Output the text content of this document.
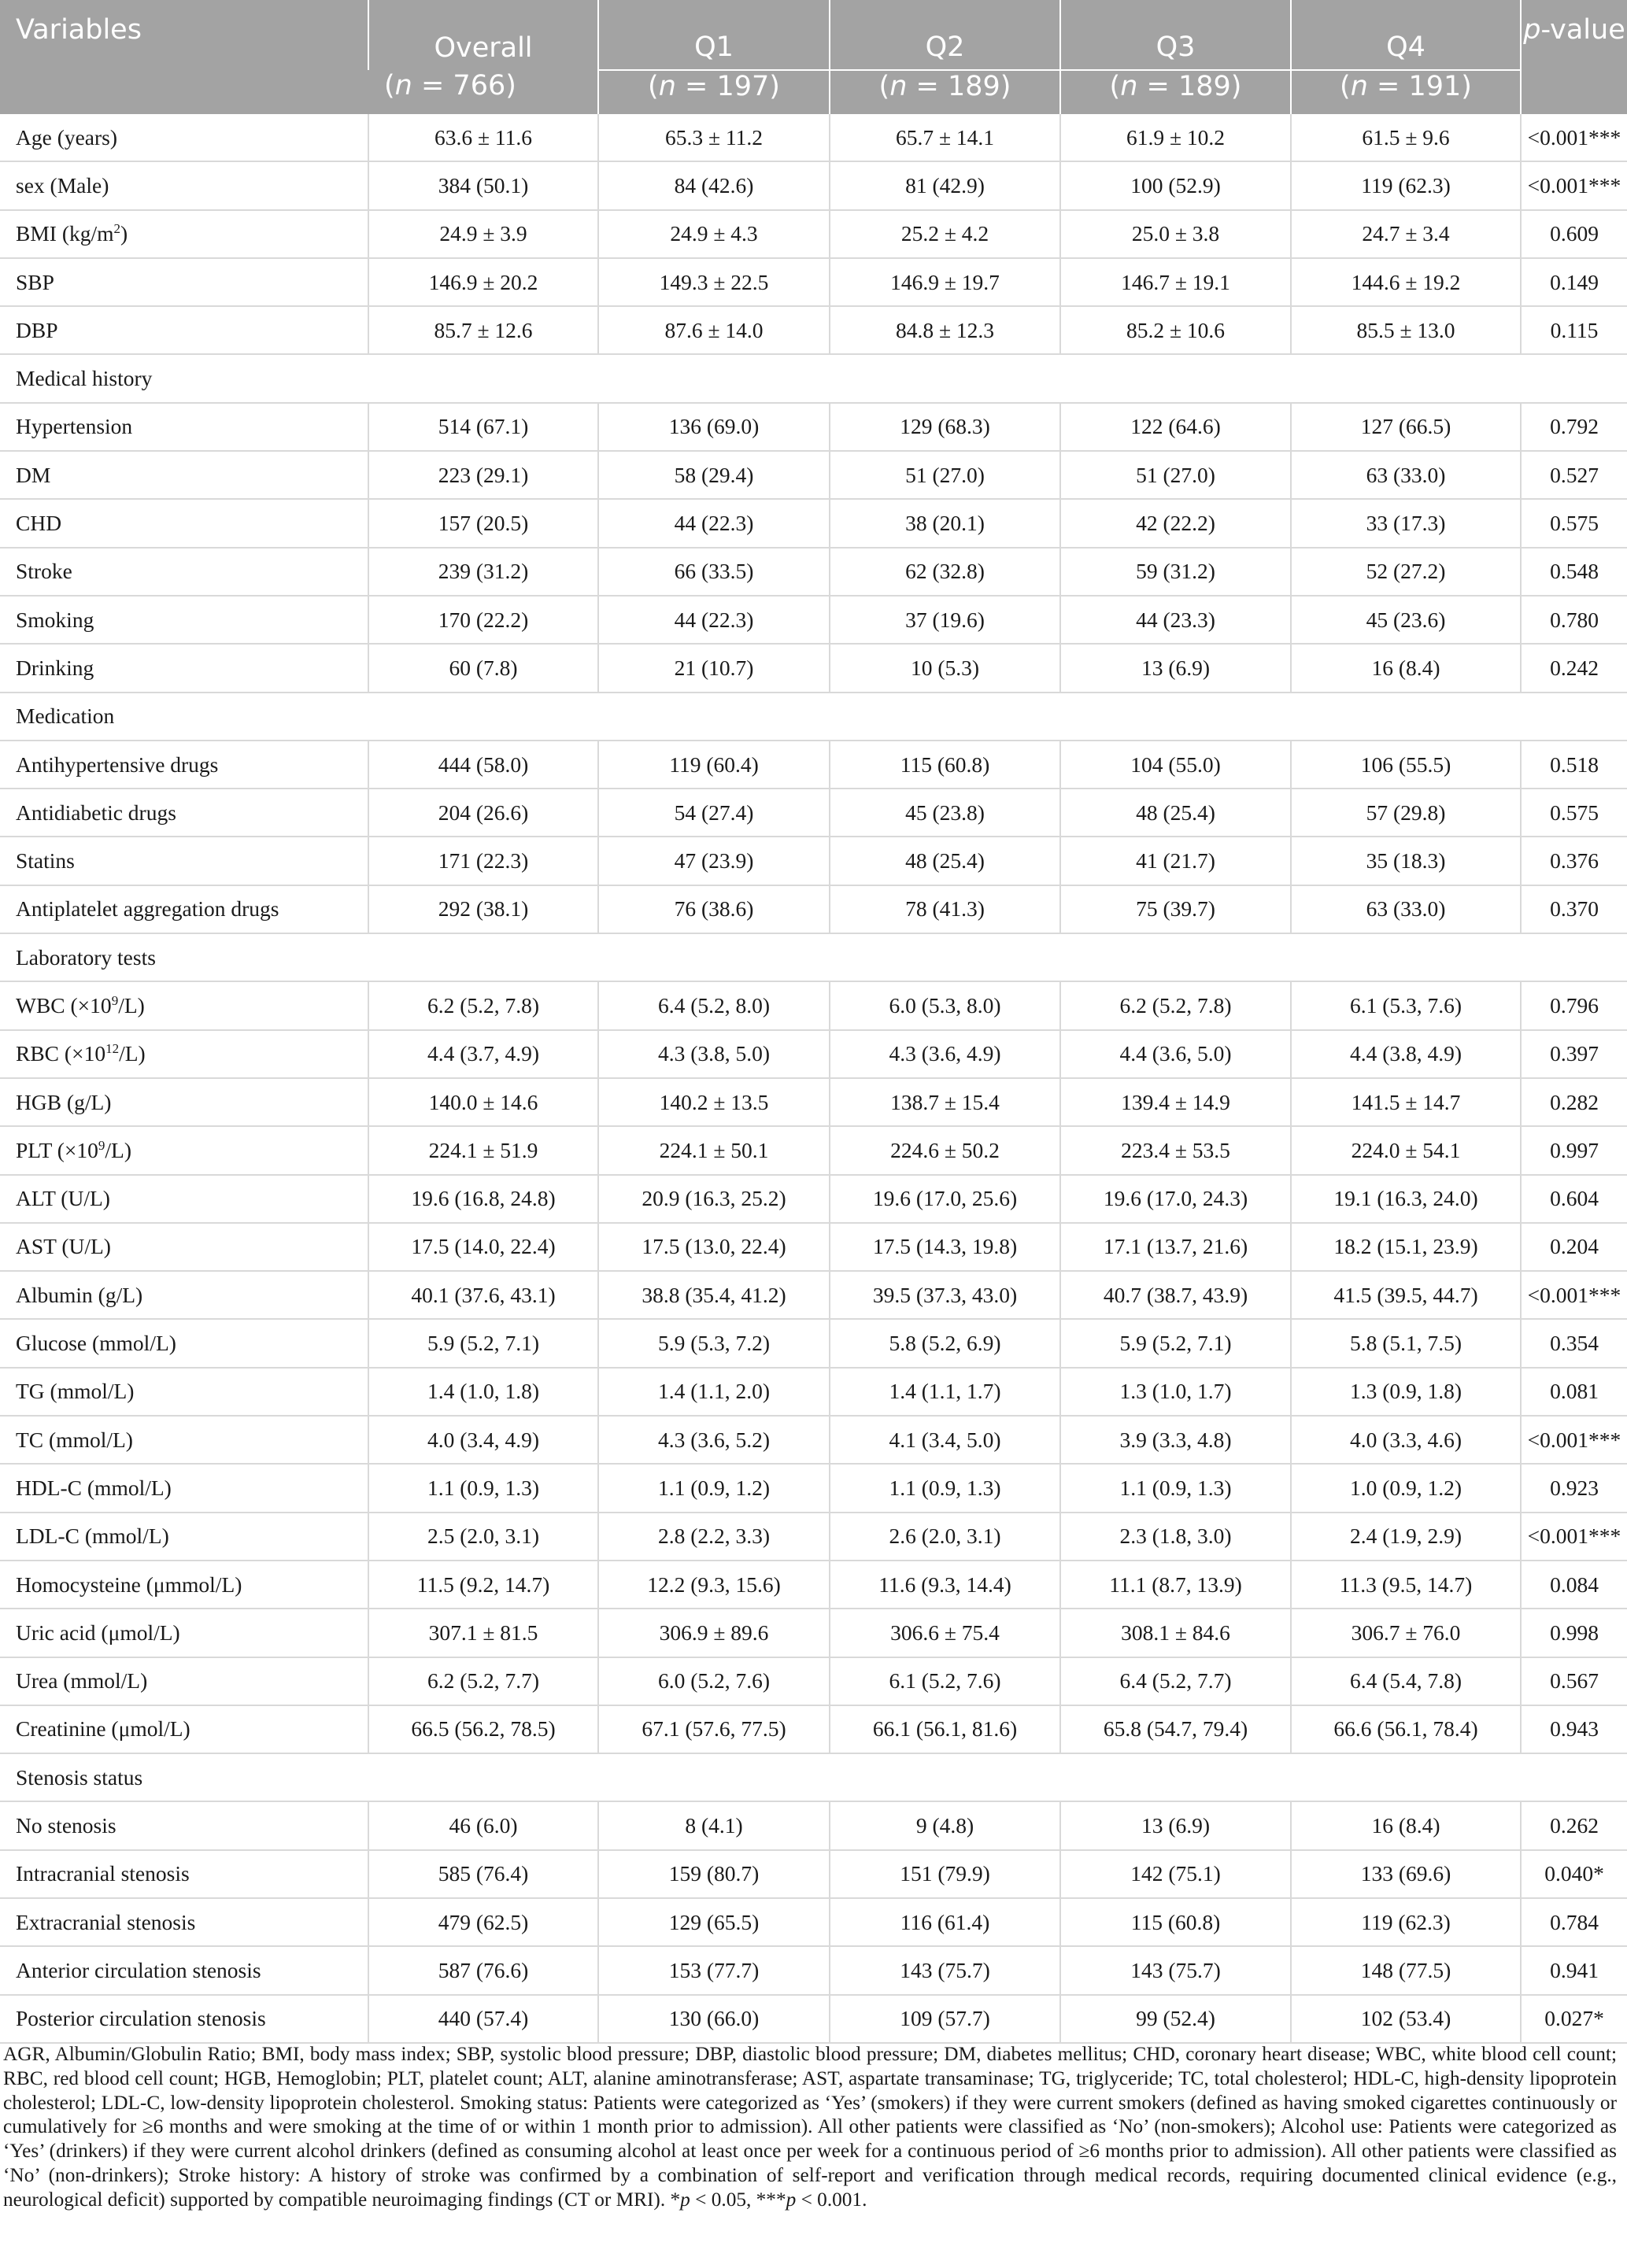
Variables	Overall	Q1	Q2	Q3	Q4	p-value
	(n = 766)	(n = 197)	(n = 189)	(n = 189)	(n = 191)	
Age (years)	63.6 ± 11.6	65.3 ± 11.2	65.7 ± 14.1	61.9 ± 10.2	61.5 ± 9.6	<0.001***
sex (Male)	384 (50.1)	84 (42.6)	81 (42.9)	100 (52.9)	119 (62.3)	<0.001***
BMI $(kg/m^2)$	24.9 ± 3.9	24.9 ± 4.3	25.2 ± 4.2	25.0 ± 3.8	24.7 ± 3.4	0.609
SBP	146.9 ± 20.2	149.3 ± 22.5	146.9 ± 19.7	146.7 ± 19.1	144.6 ± 19.2	0.149
DBP	85.7 ± 12.6	87.6 ± 14.0	84.8 ± 12.3	85.2 ± 10.6	85.5 ± 13.0	0.115
Medical history						
Hypertension	514 (67.1)	136 (69.0)	129 (68.3)	122 (64.6)	127 (66.5)	0.792
DM	223 (29.1)	58 (29.4)	51 (27.0)	51 (27.0)	63 (33.0)	0.527
CHD	157 (20.5)	44 (22.3)	38 (20.1)	42 (22.2)	33 (17.3)	0.575
Stroke	239 (31.2)	66 (33.5)	62 (32.8)	59 (31.2)	52 (27.2)	0.548
Smoking	170 (22.2)	44 (22.3)	37 (19.6)	44 (23.3)	45 (23.6)	0.780
Drinking	60 (7.8)	21 (10.7)	10 (5.3)	13 (6.9)	16 (8.4)	0.242
Medication						
Antihypertensive drugs	444 (58.0)	119 (60.4)	115 (60.8)	104 (55.0)	106 (55.5)	0.518
Antidiabetic drugs	204 (26.6)	54 (27.4)	45 (23.8)	48 (25.4)	57 (29.8)	0.575
Statins	171 (22.3)	47 (23.9)	48 (25.4)	41 (21.7)	35 (18.3)	0.376
Antiplatelet aggregation drugs	292 (38.1)	76 (38.6)	78 (41.3)	75 (39.7)	63 (33.0)	0.370
Laboratory tests						
WBC $(\times 10^9/L)$	6.2 (5.2, 7.8)	6.4 (5.2, 8.0)	6.0 (5.3, 8.0)	6.2 (5.2, 7.8)	6.1 (5.3, 7.6)	0.796
RBC $(\times 10^{12}/L)$	4.4 (3.7, 4.9)	4.3 (3.8, 5.0)	4.3 (3.6, 4.9)	4.4 (3.6, 5.0)	4.4 (3.8, 4.9)	0.397
HGB (g/L)	140.0 ± 14.6	140.2 ± 13.5	138.7 ± 15.4	139.4 ± 14.9	141.5 ± 14.7	0.282
PLT $(\times 10^9/L)$	224.1 ± 51.9	224.1 ± 50.1	224.6 ± 50.2	223.4 ± 53.5	224.0 ± 54.1	0.997
ALT (U/L)	19.6 (16.8, 24.8)	20.9 (16.3, 25.2)	19.6 (17.0, 25.6)	19.6 (17.0, 24.3)	19.1 (16.3, 24.0)	0.604
AST (U/L)	17.5 (14.0, 22.4)	17.5 (13.0, 22.4)	17.5 (14.3, 19.8)	17.1 (13.7, 21.6)	18.2 (15.1, 23.9)	0.204
Albumin (g/L)	40.1 (37.6, 43.1)	38.8 (35.4, 41.2)	39.5 (37.3, 43.0)	40.7 (38.7, 43.9)	41.5 (39.5, 44.7)	<0.001***
Glucose (mmol/L)	5.9 (5.2, 7.1)	5.9 (5.3, 7.2)	5.8 (5.2, 6.9)	5.9 (5.2, 7.1)	5.8 (5.1, 7.5)	0.354
TG (mmol/L)	1.4 (1.0, 1.8)	1.4 (1.1, 2.0)	1.4 (1.1, 1.7)	1.3 (1.0, 1.7)	1.3 (0.9, 1.8)	0.081
TC (mmol/L)	4.0 (3.4, 4.9)	4.3 (3.6, 5.2)	4.1 (3.4, 5.0)	3.9 (3.3, 4.8)	4.0 (3.3, 4.6)	<0.001***
HDL-C (mmol/L)	1.1 (0.9, 1.3)	1.1 (0.9, 1.2)	1.1 (0.9, 1.3)	1.1 (0.9, 1.3)	1.0 (0.9, 1.2)	0.923
LDL-C (mmol/L)	2.5 (2.0, 3.1)	2.8 (2.2, 3.3)	2.6 (2.0, 3.1)	2.3 (1.8, 3.0)	2.4 (1.9, 2.9)	<0.001***
Homocysteine (μmmol/L)	11.5 (9.2, 14.7)	12.2 (9.3, 15.6)	11.6 (9.3, 14.4)	11.1 (8.7, 13.9)	11.3 (9.5, 14.7)	0.084
Uric acid (μmol/L)	307.1 ± 81.5	306.9 ± 89.6	306.6 ± 75.4	308.1 ± 84.6	306.7 ± 76.0	0.998
Urea (mmol/L)	6.2 (5.2, 7.7)	6.0 (5.2, 7.6)	6.1 (5.2, 7.6)	6.4 (5.2, 7.7)	6.4 (5.4, 7.8)	0.567
Creatinine (μmol/L)	66.5 (56.2, 78.5)	67.1 (57.6, 77.5)	66.1 (56.1, 81.6)	65.8 (54.7, 79.4)	66.6 (56.1, 78.4)	0.943
Stenosis status						
No stenosis	46 (6.0)	8 (4.1)	9 (4.8)	13 (6.9)	16 (8.4)	0.262
Intracranial stenosis	585 (76.4)	159 (80.7)	151 (79.9)	142 (75.1)	133 (69.6)	0.040*
Extracranial stenosis	479 (62.5)	129 (65.5)	116 (61.4)	115 (60.8)	119 (62.3)	0.784
Anterior circulation stenosis	587 (76.6)	153 (77.7)	143 (75.7)	143 (75.7)	148 (77.5)	0.941
Posterior circulation stenosis	440 (57.4)	130 (66.0)	109 (57.7)	99 (52.4)	102 (53.4)	0.027*
AGR, Albumin/Globulin Ratio; BMI, body mass index; SBP, systolic blood pressure; DBP, diastolic blood pressure; DM, diabetes mellitus; CHD, coronary heart disease; WBC, white blood cell count; RBC, red blood cell count; HGB, Hemoglobin; PLT, platelet count; ALT, alanine aminotransferase; AST, aspartate transaminase; TG, triglyceride; TC, total cholesterol; HDL-C, high-density lipoprotein cholesterol; LDL-C, low-density lipoprotein cholesterol. Smoking status: Patients were categorized as ‘Yes’ (smokers) if they were current smokers (defined as having smoked cigarettes continuously or cumulatively for ≥6 months and were smoking at the time of or within 1 month prior to admission). All other patients were classified as ‘No’ (non-smokers); Alcohol use: Patients were categorized as ‘Yes’ (drinkers) if they were current alcohol drinkers (defined as consuming alcohol at least once per week for a continuous period of ≥6 months prior to admission). All other patients were classified as ‘No’ (non-drinkers); Stroke history: A history of stroke was confirmed by a combination of self-report and verification through medical records, requiring documented clinical evidence (e.g., neurological deficit) supported by compatible neuroimaging findings (CT or MRI). *p < 0.05, ***p < 0.001.
